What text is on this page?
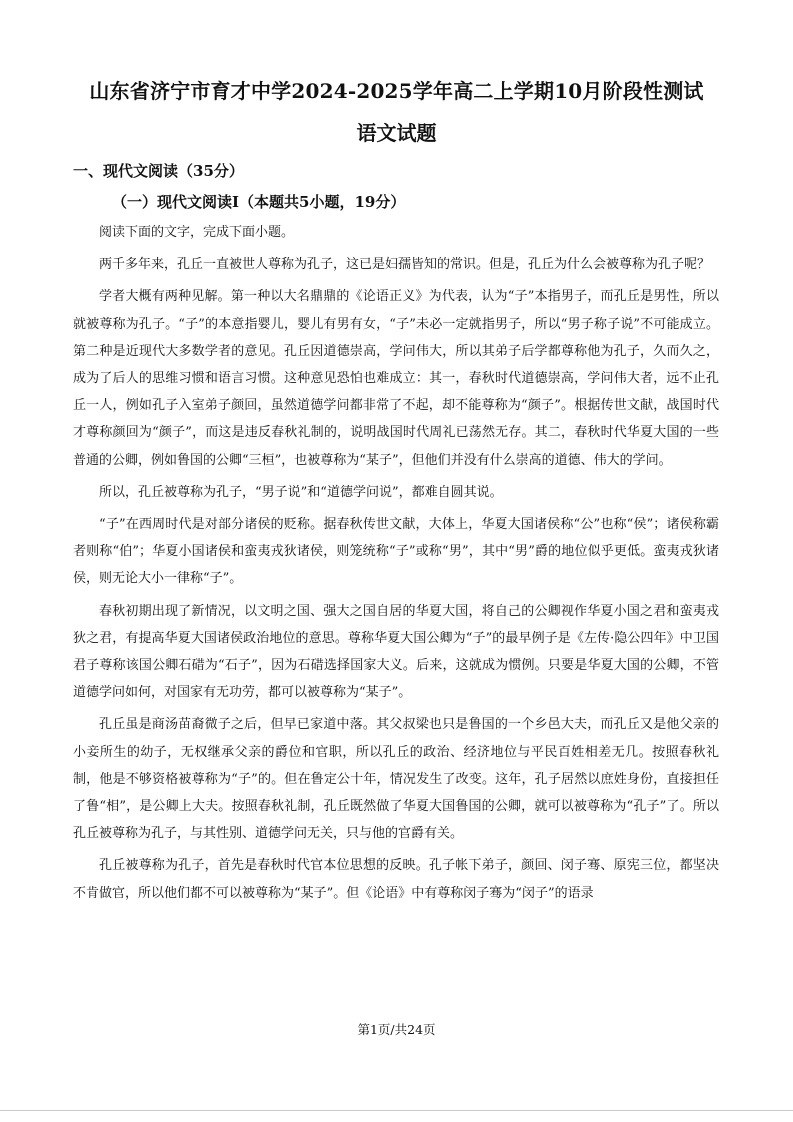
山东省济宁市育才中学2024-2025学年高二上学期10月阶段性测试
语文试题
一、现代文阅读（35分）
（一）现代文阅读Ⅰ（本题共5小题，19分）

阅读下面的文字，完成下面小题。

两千多年来，孔丘一直被世人尊称为孔子，这已是妇孺皆知的常识。但是，孔丘为什么会被尊称为孔子呢？

学者大概有两种见解。第一种以大名鼎鼎的《论语正义》为代表，认为“子”本指男子，而孔丘是男性，所以就被尊称为孔子。“子”的本意指婴儿，婴儿有男有女，“子”未必一定就指男子，所以“男子称子说”不可能成立。第二种是近现代大多数学者的意见。孔丘因道德崇高，学问伟大，所以其弟子后学都尊称他为孔子，久而久之，成为了后人的思维习惯和语言习惯。这种意见恐怕也难成立：其一，春秋时代道德崇高，学问伟大者，远不止孔丘一人，例如孔子入室弟子颜回，虽然道德学问都非常了不起，却不能尊称为“颜子”。根据传世文献，战国时代才尊称颜回为“颜子”，而这是违反春秋礼制的，说明战国时代周礼已荡然无存。其二，春秋时代华夏大国的一些普通的公卿，例如鲁国的公卿“三桓”，也被尊称为“某子”，但他们并没有什么崇高的道德、伟大的学问。

所以，孔丘被尊称为孔子，“男子说”和“道德学问说”，都难自圆其说。

“子”在西周时代是对部分诸侯的贬称。据春秋传世文献，大体上，华夏大国诸侯称“公”也称“侯”；诸侯称霸者则称“伯”；华夏小国诸侯和蛮夷戎狄诸侯，则笼统称“子”或称“男”，其中“男”爵的地位似乎更低。蛮夷戎狄诸侯，则无论大小一律称“子”。

春秋初期出现了新情况，以文明之国、强大之国自居的华夏大国，将自己的公卿视作华夏小国之君和蛮夷戎狄之君，有提高华夏大国诸侯政治地位的意思。尊称华夏大国公卿为“子”的最早例子是《左传·隐公四年》中卫国君子尊称该国公卿石碏为“石子”，因为石碏选择国家大义。后来，这就成为惯例。只要是华夏大国的公卿，不管道德学问如何，对国家有无功劳，都可以被尊称为“某子”。

孔丘虽是商汤苗裔微子之后，但早已家道中落。其父叔梁也只是鲁国的一个乡邑大夫，而孔丘又是他父亲的小妾所生的幼子，无权继承父亲的爵位和官职，所以孔丘的政治、经济地位与平民百姓相差无几。按照春秋礼制，他是不够资格被尊称为“子”的。但在鲁定公十年，情况发生了改变。这年，孔子居然以庶姓身份，直接担任了鲁“相”，是公卿上大夫。按照春秋礼制，孔丘既然做了华夏大国鲁国的公卿，就可以被尊称为“孔子”了。所以孔丘被尊称为孔子，与其性别、道德学问无关，只与他的官爵有关。

孔丘被尊称为孔子，首先是春秋时代官本位思想的反映。孔子帐下弟子，颜回、闵子骞、原宪三位，都坚决不肯做官，所以他们都不可以被尊称为“某子”。但《论语》中有尊称闵子骞为“闵子”的语录

第1页/共24页
